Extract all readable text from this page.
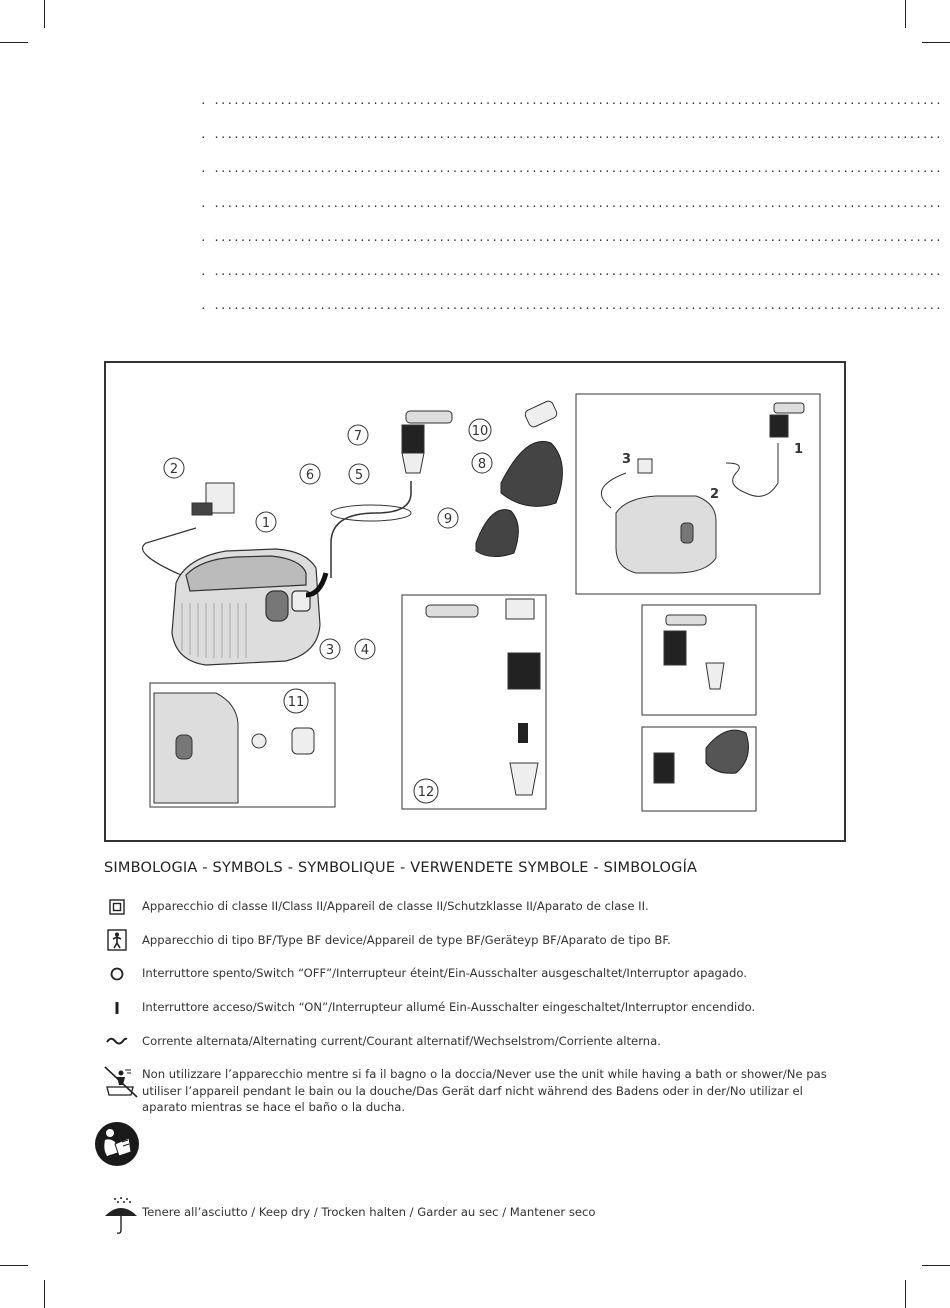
. ..............................................................................................................
. ..............................................................................................................
. ..............................................................................................................
. ..............................................................................................................
. ..............................................................................................................
. ..............................................................................................................
. ..............................................................................................................
1
2
3
1
2
3 4
5
6
7
8
9
10
11
12
SIMBOLOGIA - SYMBOLS - SYMBOLIQUE - VERWENDETE SYMBOLE - SIMBOLOGÍA
Apparecchio di classe II/Class II/Appareil de classe II/Schutzklasse II/Aparato de clase II.
Apparecchio di tipo BF/Type BF device/Appareil de type BF/Geräteyp BF/Aparato de tipo BF.
Interruttore spento/Switch “OFF”/Interrupteur éteint/Ein-Ausschalter ausgeschaltet/Interruptor apagado.
Interruttore acceso/Switch “ON”/Interrupteur allumé Ein-Ausschalter eingeschaltet/Interruptor encendido.
Corrente alternata/Alternating current/Courant alternatif/Wechselstrom/Corriente alterna.
Non utilizzare l’apparecchio mentre si fa il bagno o la doccia/Never use the unit while having a bath or shower/Ne pas utiliser l’appareil pendant le bain ou la douche/Das Gerät darf nicht während des Badens oder in der/No utilizar el aparato mientras se hace el baño o la ducha.
Tenere all’asciutto / Keep dry / Trocken halten / Garder au sec / Mantener seco
